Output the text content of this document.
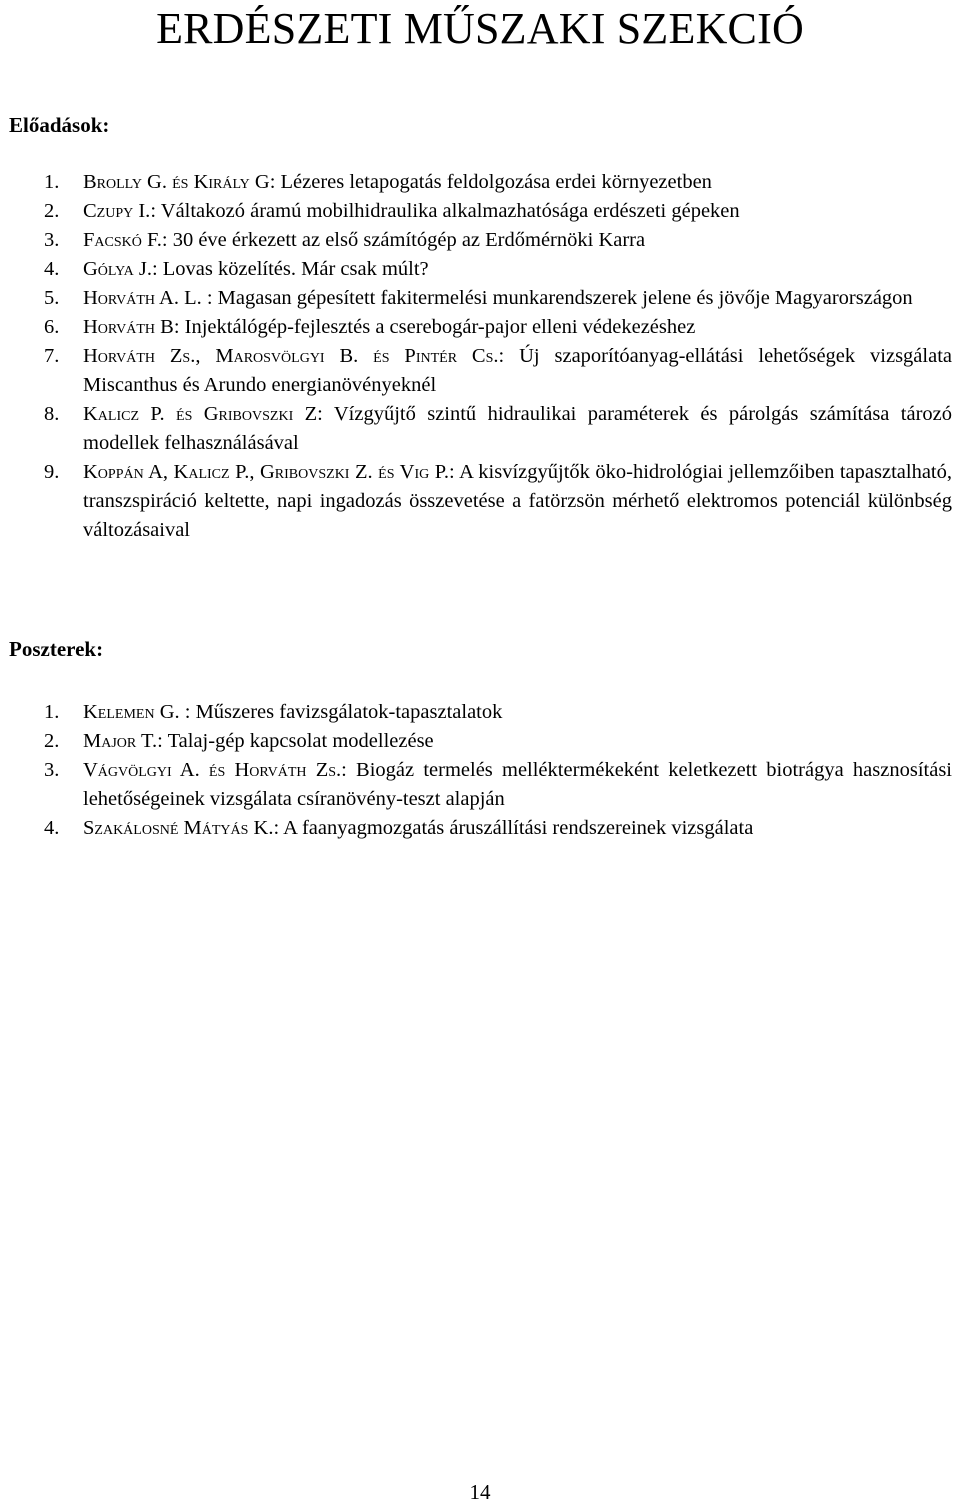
ERDÉSZETI MŰSZAKI SZEKCIÓ
Előadások:
1. Brolly G. és Király G: Lézeres letapogatás feldolgozása erdei környezetben
2. Czupy I.: Váltakozó áramú mobilhidraulika alkalmazhatósága erdészeti gépeken
3. Facskó F.: 30 éve érkezett az első számítógép az Erdőmérnöki Karra
4. Gólya J.: Lovas közelítés. Már csak múlt?
5. Horváth A. L. : Magasan gépesített fakitermelési munkarendszerek jelene és jövője Magyarországon
6. Horváth B: Injektálógép-fejlesztés a cserebogár-pajor elleni védekezéshez
7. Horváth Zs., Marosvölgyi B. és Pintér Cs.: Új szaporítóanyag-ellátási lehetőségek vizsgálata Miscanthus és Arundo energianövényeknél
8. Kalicz P. és Gribovszki Z: Vízgyűjtő szintű hidraulikai paraméterek és párolgás számítása tározó modellek felhasználásával
9. Koppán A, Kalicz P., Gribovszki Z. és Vig P.: A kisvízgyűjtők öko-hidrológiai jellemzőiben tapasztalható, transzspiráció keltette, napi ingadozás összevetése a fatörzsön mérhető elektromos potenciál különbség változásaival
Poszterek:
1. Kelemen G. : Műszeres favizsgálatok-tapasztalatok
2. Major T.: Talaj-gép kapcsolat modellezése
3. Vágvölgyi A. és Horváth Zs.: Biogáz termelés melléktermékeként keletkezett biotrágya hasznosítási lehetőségeinek vizsgálata csíranövény-teszt alapján
4. Szakálosné Mátyás K.: A faanyagmozgatás áruszállítási rendszereinek vizsgálata
14
